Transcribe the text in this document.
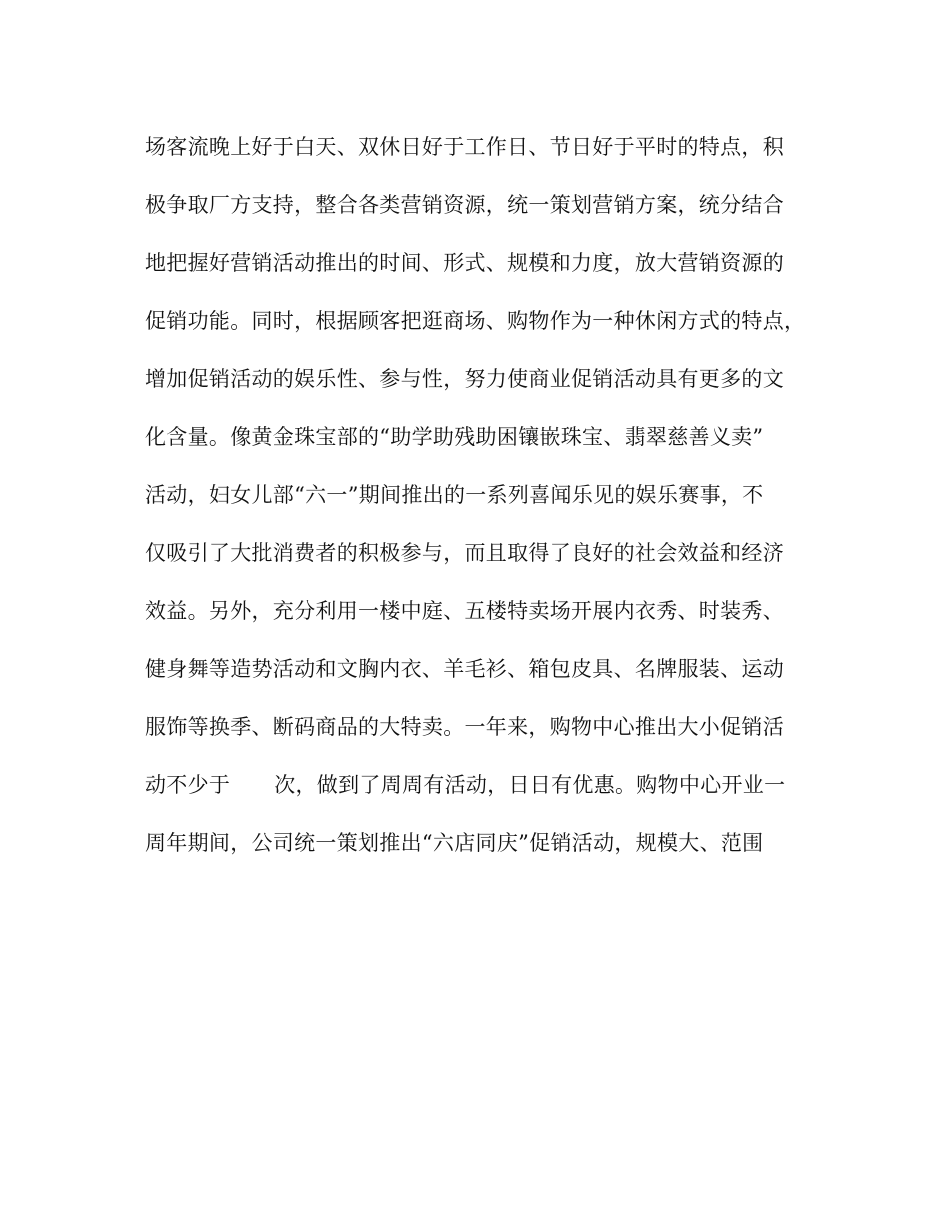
场客流晚上好于白天、双休日好于工作日、节日好于平时的特点，积
极争取厂方支持，整合各类营销资源，统一策划营销方案，统分结合
地把握好营销活动推出的时间、形式、规模和力度，放大营销资源的
促销功能。同时，根据顾客把逛商场、购物作为一种休闲方式的特点，
增加促销活动的娱乐性、参与性，努力使商业促销活动具有更多的文
化含量。像黄金珠宝部的“助学助残助困镶嵌珠宝、翡翠慈善义卖”
活动，妇女儿部“六一”期间推出的一系列喜闻乐见的娱乐赛事，不
仅吸引了大批消费者的积极参与，而且取得了良好的社会效益和经济
效益。另外，充分利用一楼中庭、五楼特卖场开展内衣秀、时装秀、
健身舞等造势活动和文胸内衣、羊毛衫、箱包皮具、名牌服装、运动
服饰等换季、断码商品的大特卖。一年来，购物中心推出大小促销活
动不少于 次，做到了周周有活动，日日有优惠。购物中心开业一
周年期间，公司统一策划推出“六店同庆”促销活动，规模大、范围
